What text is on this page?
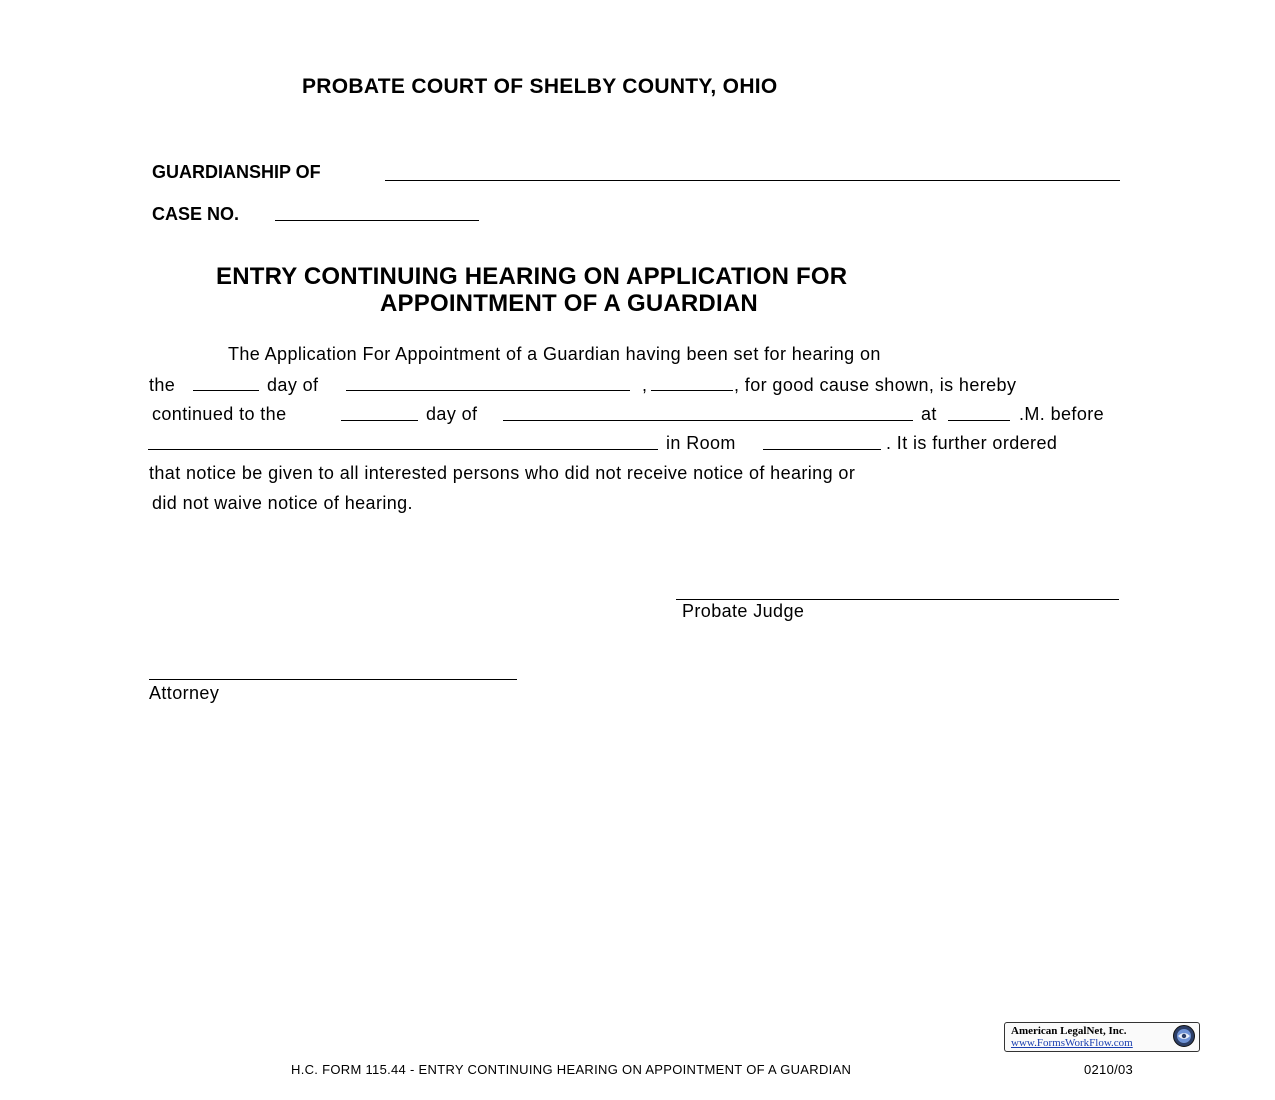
PROBATE COURT OF SHELBY COUNTY, OHIO
GUARDIANSHIP OF
CASE NO.
ENTRY CONTINUING HEARING ON APPLICATION FOR
APPOINTMENT OF A GUARDIAN
The Application For Appointment of a Guardian having been set for hearing on
the	day of	,	, for good cause shown, is hereby
continued to the	day of	at	.M. before
in Room	. It is further ordered
that notice be given to all interested persons who did not receive notice of hearing or
did not waive notice of hearing.
Probate Judge
Attorney
American LegalNet, Inc.
www.FormsWorkFlow.com
H.C. FORM 115.44 - ENTRY CONTINUING HEARING ON APPOINTMENT OF A GUARDIAN	0210/03
